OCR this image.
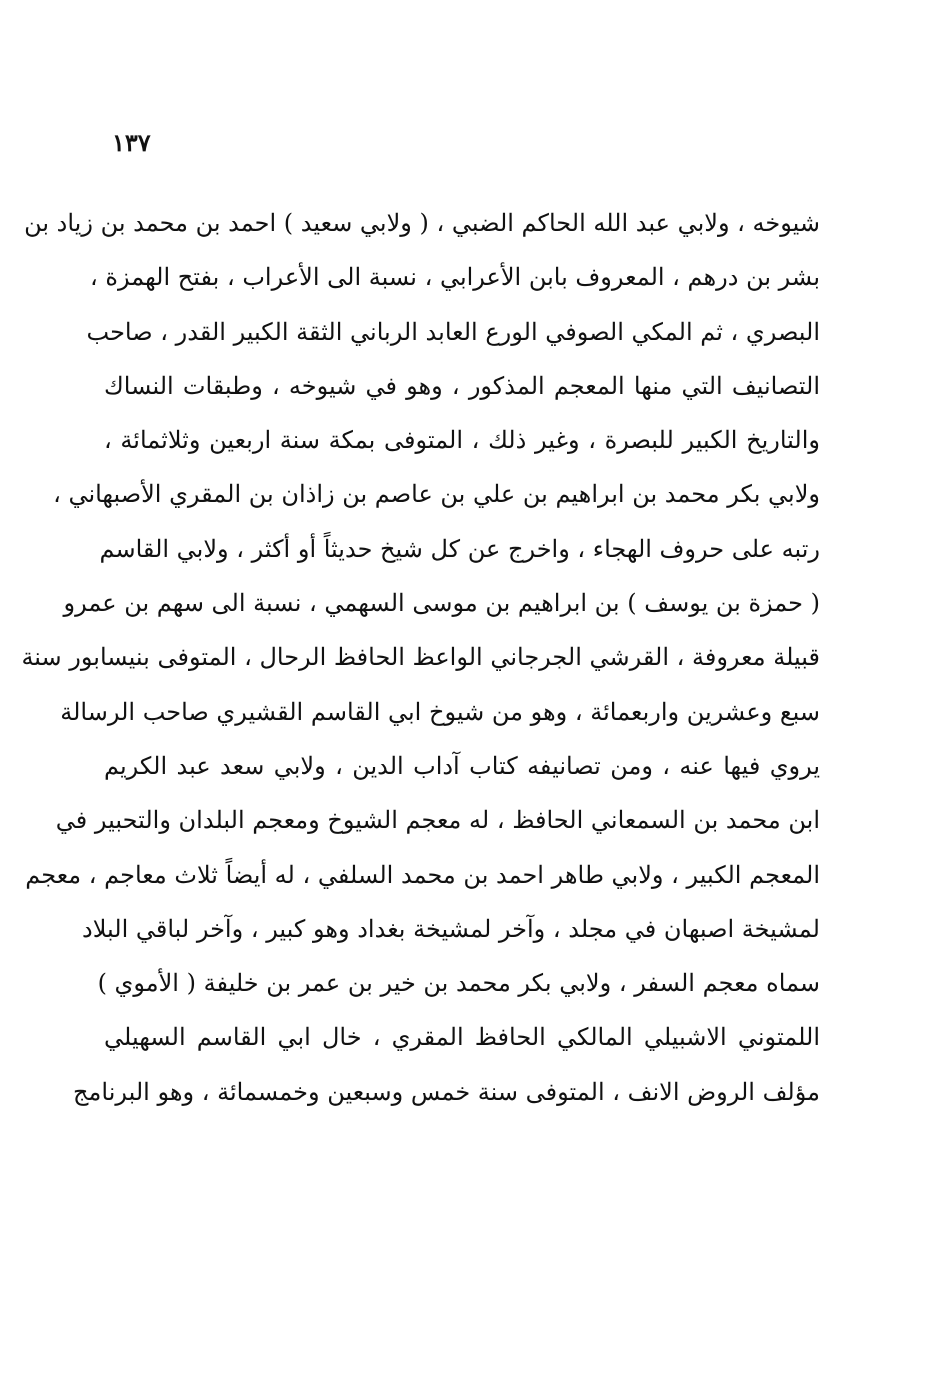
١٣٧
شيوخه ، ولابي عبد الله الحاكم الضبي ، ( ولابي سعيد ) احمد بن محمد بن زياد بن
بشر بن درهم ، المعروف بابن الأعرابي ، نسبة الى الأعراب ، بفتح الهمزة ،
البصري ، ثم المكي الصوفي الورع العابد الرباني الثقة الكبير القدر ، صاحب
التصانيف التي منها المعجم المذكور ، وهو في شيوخه ، وطبقات النساك
والتاريخ الكبير للبصرة ، وغير ذلك ، المتوفى بمكة سنة اربعين وثلاثمائة ،
ولابي بكر محمد بن ابراهيم بن علي بن عاصم بن زاذان بن المقري الأصبهاني ،
رتبه على حروف الهجاء ، واخرج عن كل شيخ حديثاً أو أكثر ، ولابي القاسم
( حمزة بن يوسف ) بن ابراهيم بن موسى السهمي ، نسبة الى سهم بن عمرو
قبيلة معروفة ، القرشي الجرجاني الواعظ الحافظ الرحال ، المتوفى بنيسابور سنة
سبع وعشرين واربعمائة ، وهو من شيوخ ابي القاسم القشيري صاحب الرسالة
يروي فيها عنه ، ومن تصانيفه كتاب آداب الدين ، ولابي سعد عبد الكريم
ابن محمد بن السمعاني الحافظ ، له معجم الشيوخ ومعجم البلدان والتحبير في
المعجم الكبير ، ولابي طاهر احمد بن محمد السلفي ، له أيضاً ثلاث معاجم ، معجم
لمشيخة اصبهان في مجلد ، وآخر لمشيخة بغداد وهو كبير ، وآخر لباقي البلاد
سماه معجم السفر ، ولابي بكر محمد بن خير بن عمر بن خليفة ( الأموي )
اللمتوني الاشبيلي المالكي الحافظ المقري ، خال ابي القاسم السهيلي
مؤلف الروض الانف ، المتوفى سنة خمس وسبعين وخمسمائة ، وهو البرنامج
